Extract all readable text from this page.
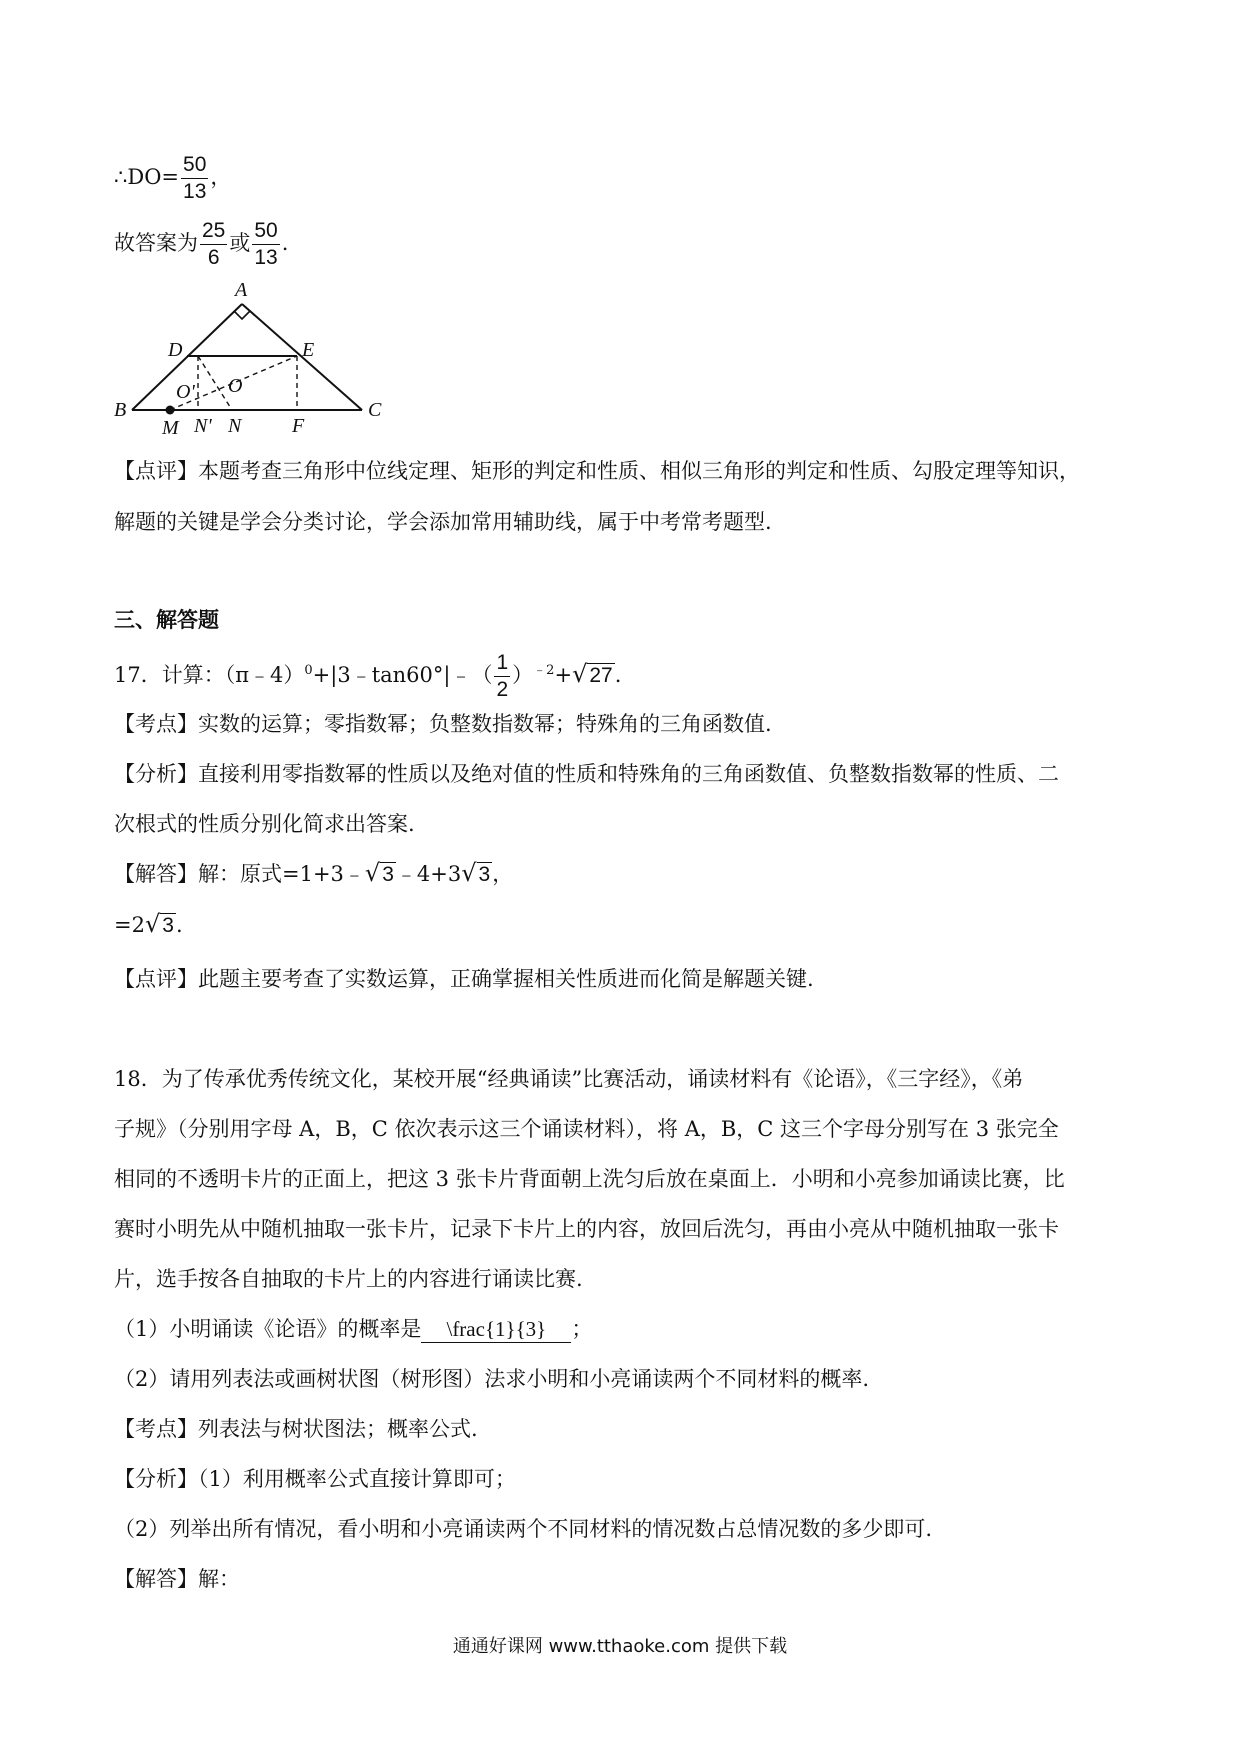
∴DO= $\frac{50}{13}$ ，
故答案为 $\frac{25}{6}$ 或 $\frac{50}{13}$ .
A
D	E
B	C
O' O
M N' N	F
【点评】本题考查三角形中位线定理、矩形的判定和性质、相似三角形的判定和性质、勾股定理等知识，
解题的关键是学会分类讨论，学会添加常用辅助线，属于中考常考题型.
三、解答题
17．计算：（π﹣4）$^0$+|3﹣tan60°|﹣（ $\frac{1}{2} )^{﹣2}+√27$.
【考点】实数的运算；零指数幂；负整数指数幂；特殊角的三角函数值.
【分析】直接利用零指数幂的性质以及绝对值的性质和特殊角的三角函数值、负整数指数幂的性质、二
次根式的性质分别化简求出答案.
【解答】解：原式=1+3﹣√3﹣4+3√3，
=2√3.
【点评】此题主要考查了实数运算，正确掌握相关性质进而化简是解题关键.
18．为了传承优秀传统文化，某校开展“经典诵读”比赛活动，诵读材料有《论语》，《三字经》，《弟
子规》（分别用字母 A，B，C 依次表示这三个诵读材料），将 A，B，C 这三个字母分别写在 3 张完全
相同的不透明卡片的正面上，把这 3 张卡片背面朝上洗匀后放在桌面上．小明和小亮参加诵读比赛，比
赛时小明先从中随机抽取一张卡片，记录下卡片上的内容，放回后洗匀，再由小亮从中随机抽取一张卡
片，选手按各自抽取的卡片上的内容进行诵读比赛.
（1）小明诵读《论语》的概率是 \frac{1}{3} ；
（2）请用列表法或画树状图（树形图）法求小明和小亮诵读两个不同材料的概率.
【考点】列表法与树状图法；概率公式.
【分析】（1）利用概率公式直接计算即可；
（2）列举出所有情况，看小明和小亮诵读两个不同材料的情况数占总情况数的多少即可.
【解答】解：
通通好课网 www.tthaoke.com 提供下载
